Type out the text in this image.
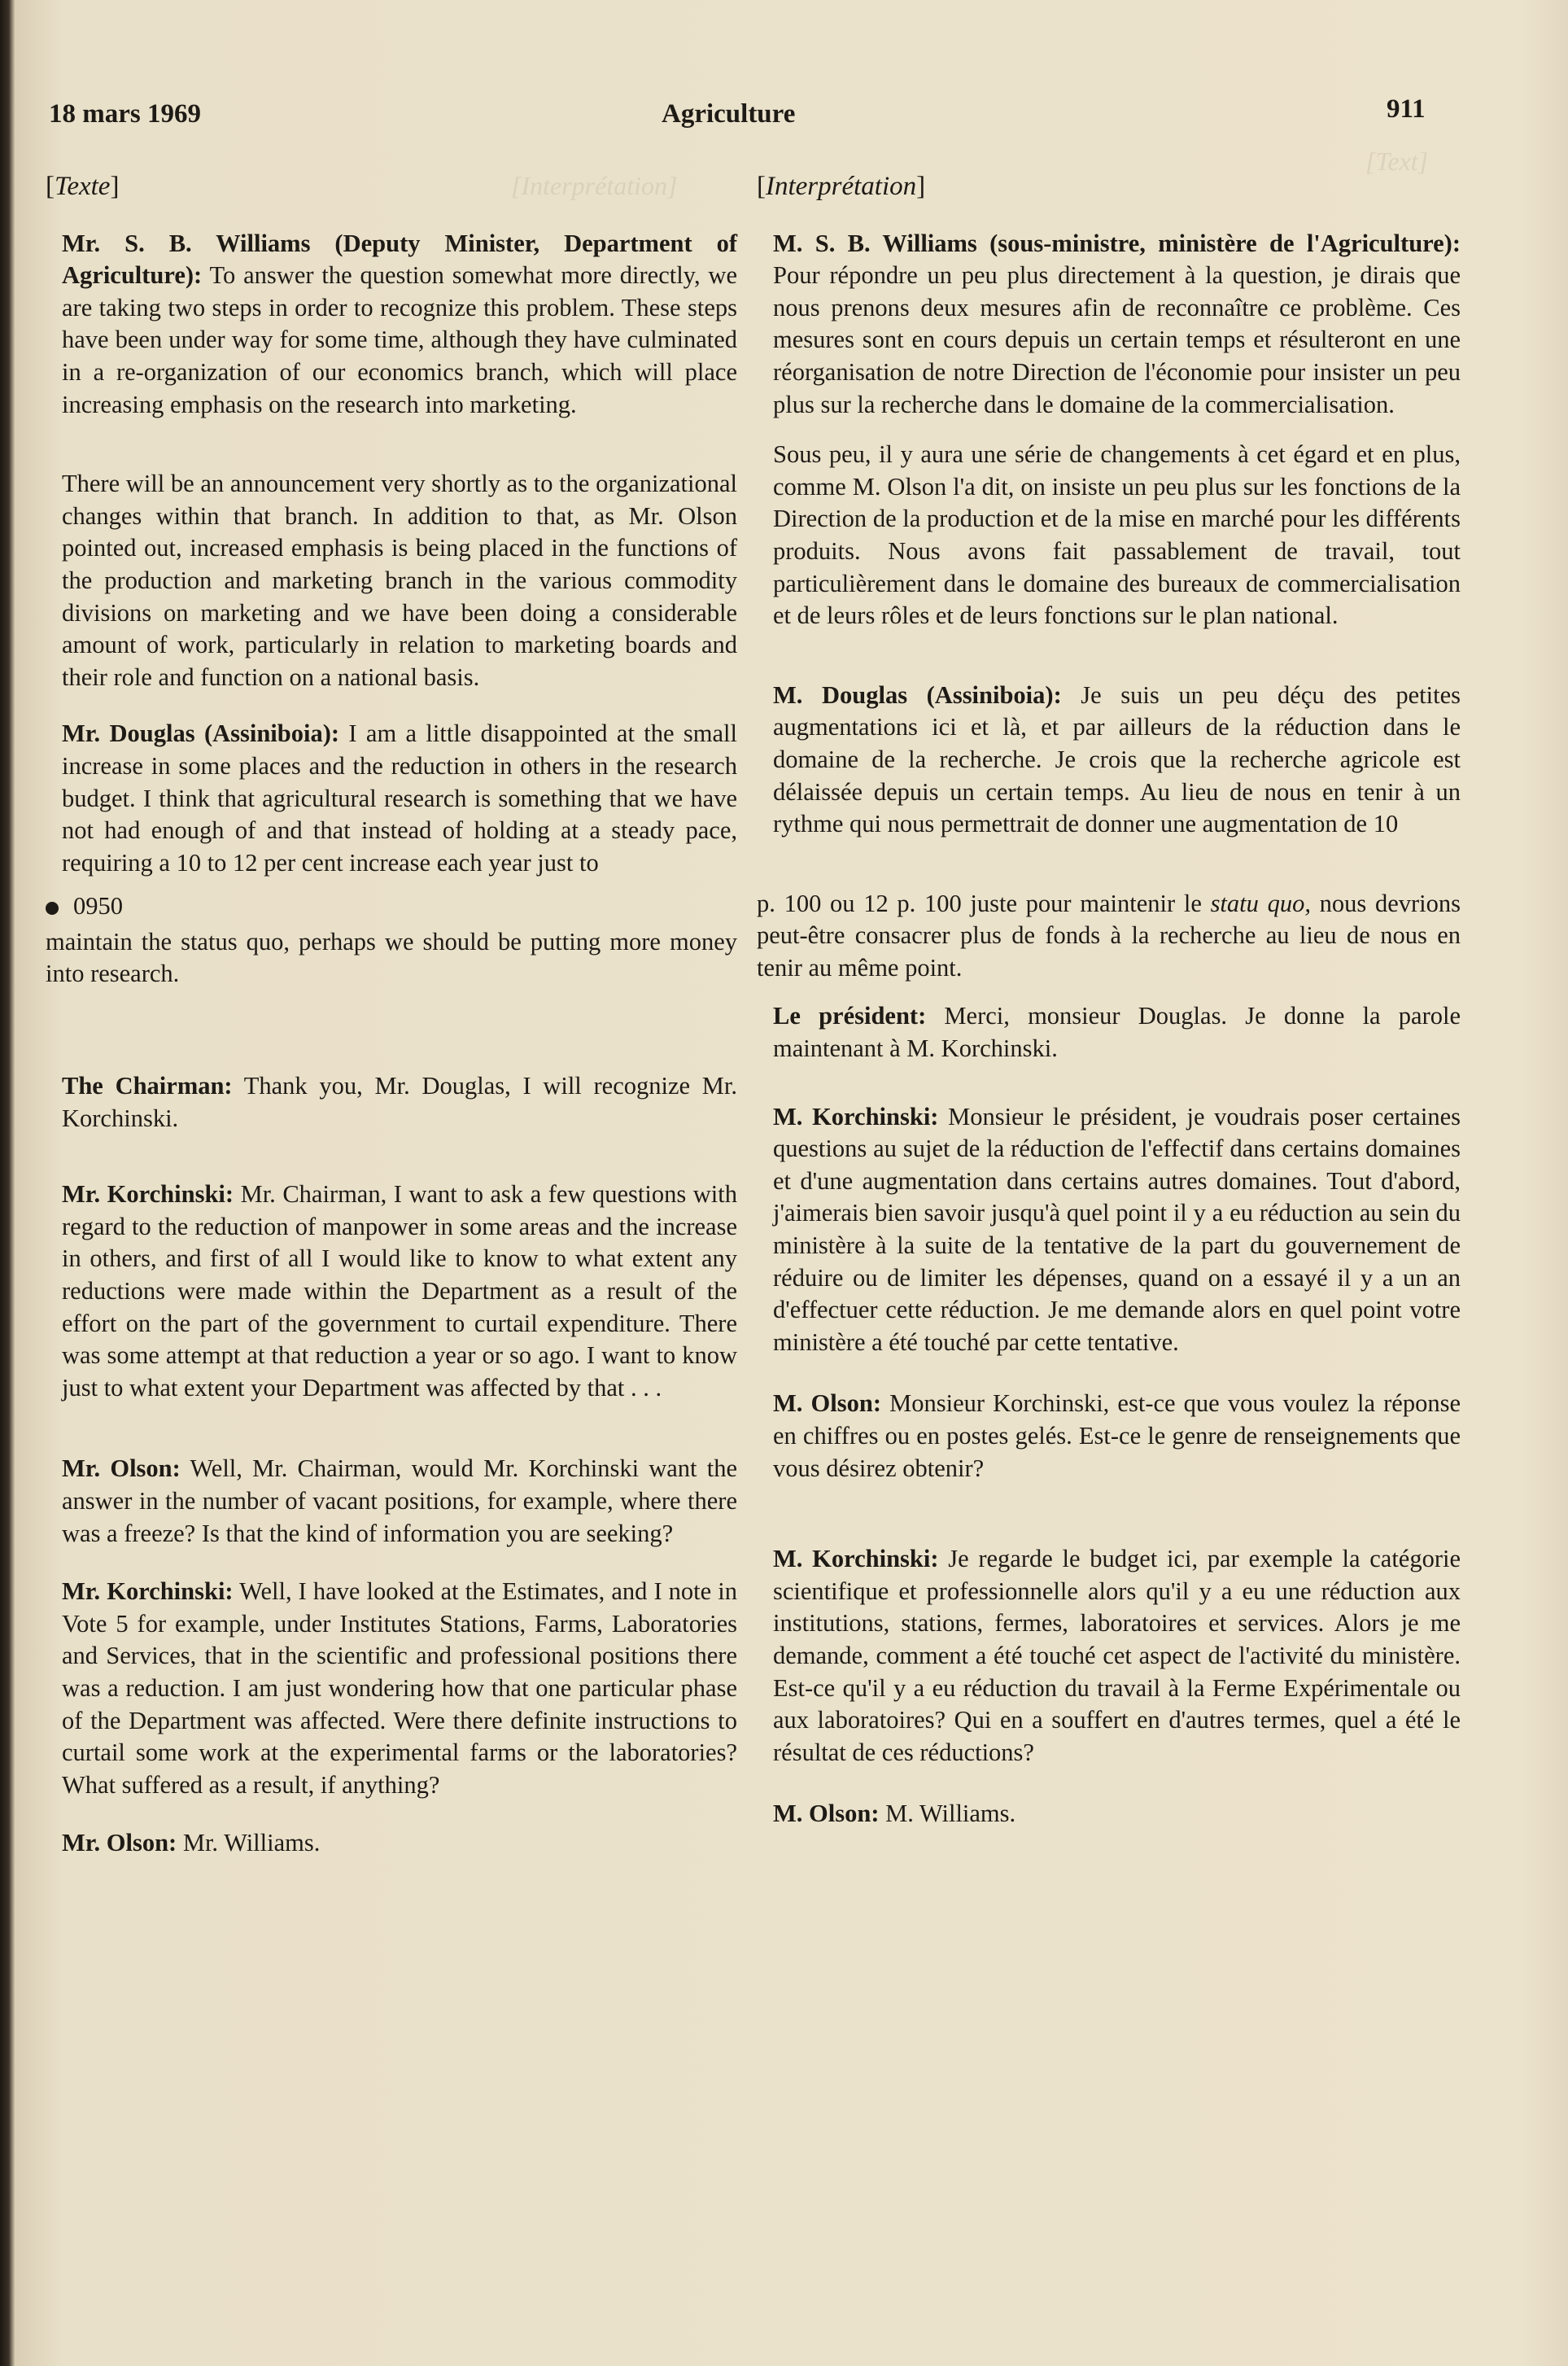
[Text]
[Interprétation]
18 mars 1969	Agriculture	911
[Texte]

Mr. S. B. Williams (Deputy Minister, Department of Agriculture): To answer the question somewhat more directly, we are taking two steps in order to recognize this problem. These steps have been under way for some time, although they have culminated in a re-organization of our economics branch, which will place increasing emphasis on the research into marketing.

There will be an announcement very shortly as to the organizational changes within that branch. In addition to that, as Mr. Olson pointed out, increased emphasis is being placed in the functions of the production and marketing branch in the various commodity divisions on marketing and we have been doing a considerable amount of work, particularly in relation to marketing boards and their role and function on a national basis.

Mr. Douglas (Assiniboia): I am a little disappointed at the small increase in some places and the reduction in others in the research budget. I think that agricultural research is something that we have not had enough of and that instead of holding at a steady pace, requiring a 10 to 12 per cent increase each year just to

0950

maintain the status quo, perhaps we should be putting more money into research.

The Chairman: Thank you, Mr. Douglas, I will recognize Mr. Korchinski.

Mr. Korchinski: Mr. Chairman, I want to ask a few questions with regard to the reduction of manpower in some areas and the increase in others, and first of all I would like to know to what extent any reductions were made within the Department as a result of the effort on the part of the government to curtail expenditure. There was some attempt at that reduction a year or so ago. I want to know just to what extent your Department was affected by that . . .

Mr. Olson: Well, Mr. Chairman, would Mr. Korchinski want the answer in the number of vacant positions, for example, where there was a freeze? Is that the kind of information you are seeking?

Mr. Korchinski: Well, I have looked at the Estimates, and I note in Vote 5 for example, under Institutes Stations, Farms, Laboratories and Services, that in the scientific and professional positions there was a reduction. I am just wondering how that one particular phase of the Department was affected. Were there definite instructions to curtail some work at the experimental farms or the laboratories? What suffered as a result, if anything?

Mr. Olson: Mr. Williams.

[Interprétation]

M. S. B. Williams (sous-ministre, ministère de l'Agriculture): Pour répondre un peu plus directement à la question, je dirais que nous prenons deux mesures afin de reconnaître ce problème. Ces mesures sont en cours depuis un certain temps et résulteront en une réorganisation de notre Direction de l'économie pour insister un peu plus sur la recherche dans le domaine de la commercialisation.

Sous peu, il y aura une série de changements à cet égard et en plus, comme M. Olson l'a dit, on insiste un peu plus sur les fonctions de la Direction de la production et de la mise en marché pour les différents produits. Nous avons fait passablement de travail, tout particulièrement dans le domaine des bureaux de commercialisation et de leurs rôles et de leurs fonctions sur le plan national.

M. Douglas (Assiniboia): Je suis un peu déçu des petites augmentations ici et là, et par ailleurs de la réduction dans le domaine de la recherche. Je crois que la recherche agricole est délaissée depuis un certain temps. Au lieu de nous en tenir à un rythme qui nous permettrait de donner une augmentation de 10

p. 100 ou 12 p. 100 juste pour maintenir le statu quo, nous devrions peut-être consacrer plus de fonds à la recherche au lieu de nous en tenir au même point.

Le président: Merci, monsieur Douglas. Je donne la parole maintenant à M. Korchinski.

M. Korchinski: Monsieur le président, je voudrais poser certaines questions au sujet de la réduction de l'effectif dans certains domaines et d'une augmentation dans certains autres domaines. Tout d'abord, j'aimerais bien savoir jusqu'à quel point il y a eu réduction au sein du ministère à la suite de la tentative de la part du gouvernement de réduire ou de limiter les dépenses, quand on a essayé il y a un an d'effectuer cette réduction. Je me demande alors en quel point votre ministère a été touché par cette tentative.

M. Olson: Monsieur Korchinski, est-ce que vous voulez la réponse en chiffres ou en postes gelés. Est-ce le genre de renseignements que vous désirez obtenir?

M. Korchinski: Je regarde le budget ici, par exemple la catégorie scientifique et professionnelle alors qu'il y a eu une réduction aux institutions, stations, fermes, laboratoires et services. Alors je me demande, comment a été touché cet aspect de l'activité du ministère. Est-ce qu'il y a eu réduction du travail à la Ferme Expérimentale ou aux laboratoires? Qui en a souffert en d'autres termes, quel a été le résultat de ces réductions?

M. Olson: M. Williams.
